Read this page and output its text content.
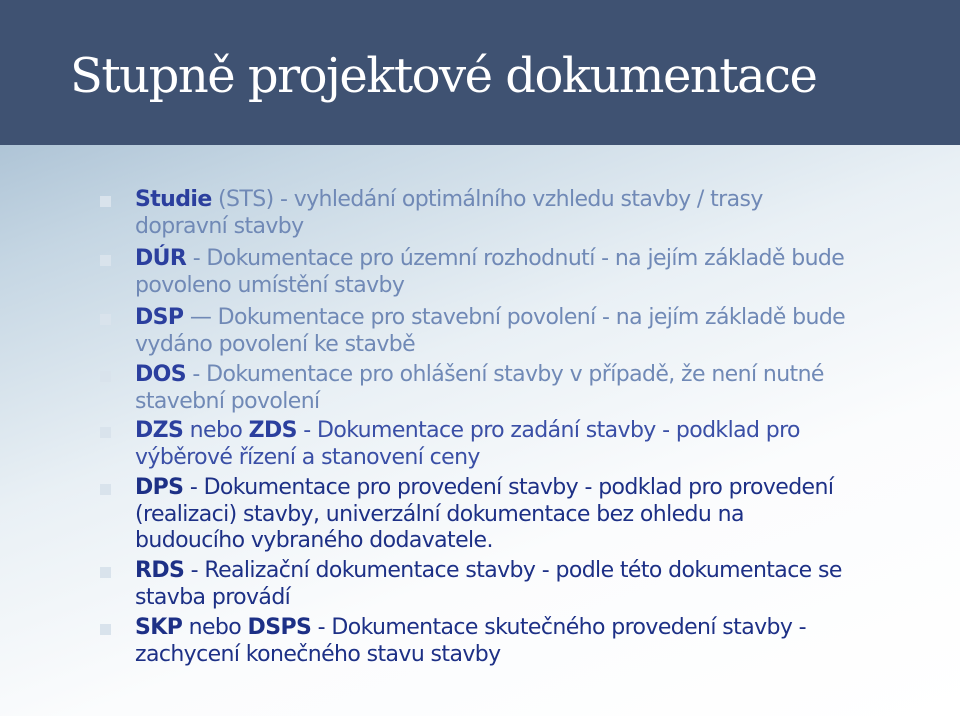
Stupně projektové dokumentace
Studie (STS) - vyhledání optimálního vzhledu stavby / trasy
dopravní stavby
DÚR - Dokumentace pro územní rozhodnutí - na jejím základě bude
povoleno umístění stavby
DSP — Dokumentace pro stavební povolení - na jejím základě bude
vydáno povolení ke stavbě
DOS - Dokumentace pro ohlášení stavby v případě, že není nutné
stavební povolení
DZS nebo ZDS - Dokumentace pro zadání stavby - podklad pro
výběrové řízení a stanovení ceny
DPS - Dokumentace pro provedení stavby - podklad pro provedení
(realizaci) stavby, univerzální dokumentace bez ohledu na
budoucího vybraného dodavatele.
RDS - Realizační dokumentace stavby - podle této dokumentace se
stavba provádí
SKP nebo DSPS - Dokumentace skutečného provedení stavby -
zachycení konečného stavu stavby
